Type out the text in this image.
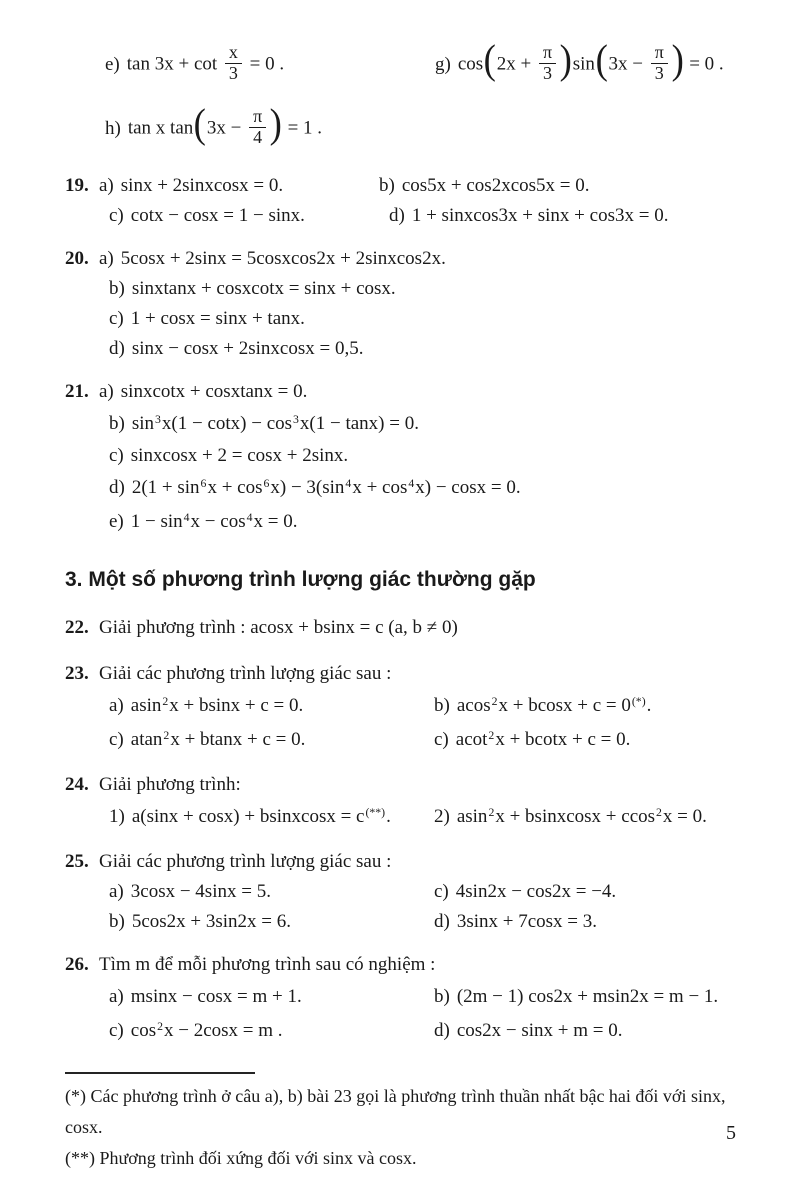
e) $\tan 3x + \cot \frac{x}{3} = 0$ .	g) $\cos(2x + \frac{\pi}{3} )\sin(3x - \frac{\pi}{3}$ ) = 0 .
h) tan x $\tan(3x - \frac{\pi}{4}$ ) = 1 .
19. a) sinx + 2sinxcosx = 0.	b) cos5x + cos2xcos5x = 0.
c) cotx − cosx = 1 − sinx.	d) 1 + sinxcos3x + sinx + cos3x = 0.
20. a) 5cosx + 2sinx = 5cosxcos2x + 2sinxcos2x.
b) sinxtanx + cosxcotx = sinx + cosx.
c) 1 + cosx = sinx + tanx.
d) sinx − cosx + 2sinxcosx = 0,5.
21. a) sinxcotx + cosxtanx = 0.
b) $\sin^3x(1 - \cot x) - \cos^3x(1 - \tan x) = 0$.
c) sinxcosx + 2 = cosx + 2sinx.
d) $2(1 + \sin^6x + \cos^6x) - 3(\sin^4x + \cos^4x) - \cos x = 0$.
e) $1 - \sin^4x - \cos^4x = 0$.
3. Một số phương trình lượng giác thường gặp
22. Giải phương trình : acosx + bsinx = c (a, b ≠ 0)
23. Giải các phương trình lượng giác sau :
a) asin$^2$x + bsinx + c = 0.	b) acos$^2$x + bcosx + c = 0(*).
c) atan$^2$x + btanx + c = 0.	c) acot$^2$x + bcotx + c = 0.
24. Giải phương trình:
1) a(sinx + cosx) + bsinxcosx = c(**).	2) asin$^2$x + bsinxcosx + ccos$^2$x = 0.
25. Giải các phương trình lượng giác sau :
a) 3cosx − 4sinx = 5.	c) 4sin2x − cos2x = −4.
b) 5cos2x + 3sin2x = 6.	d) 3sinx + 7cosx = 3.
26. Tìm m để mỗi phương trình sau có nghiệm :
a) msinx − cosx = m + 1.	b) (2m − 1) cos2x + msin2x = m − 1.
c) $\cos^2x - 2\cos x = m$ .	d) cos2x − sinx + m = 0.

(*) Các phương trình ở câu a), b) bài 23 gọi là phương trình thuần nhất bậc hai đối với sinx,

cosx.

(**) Phương trình đối xứng đối với sinx và cosx.

5
